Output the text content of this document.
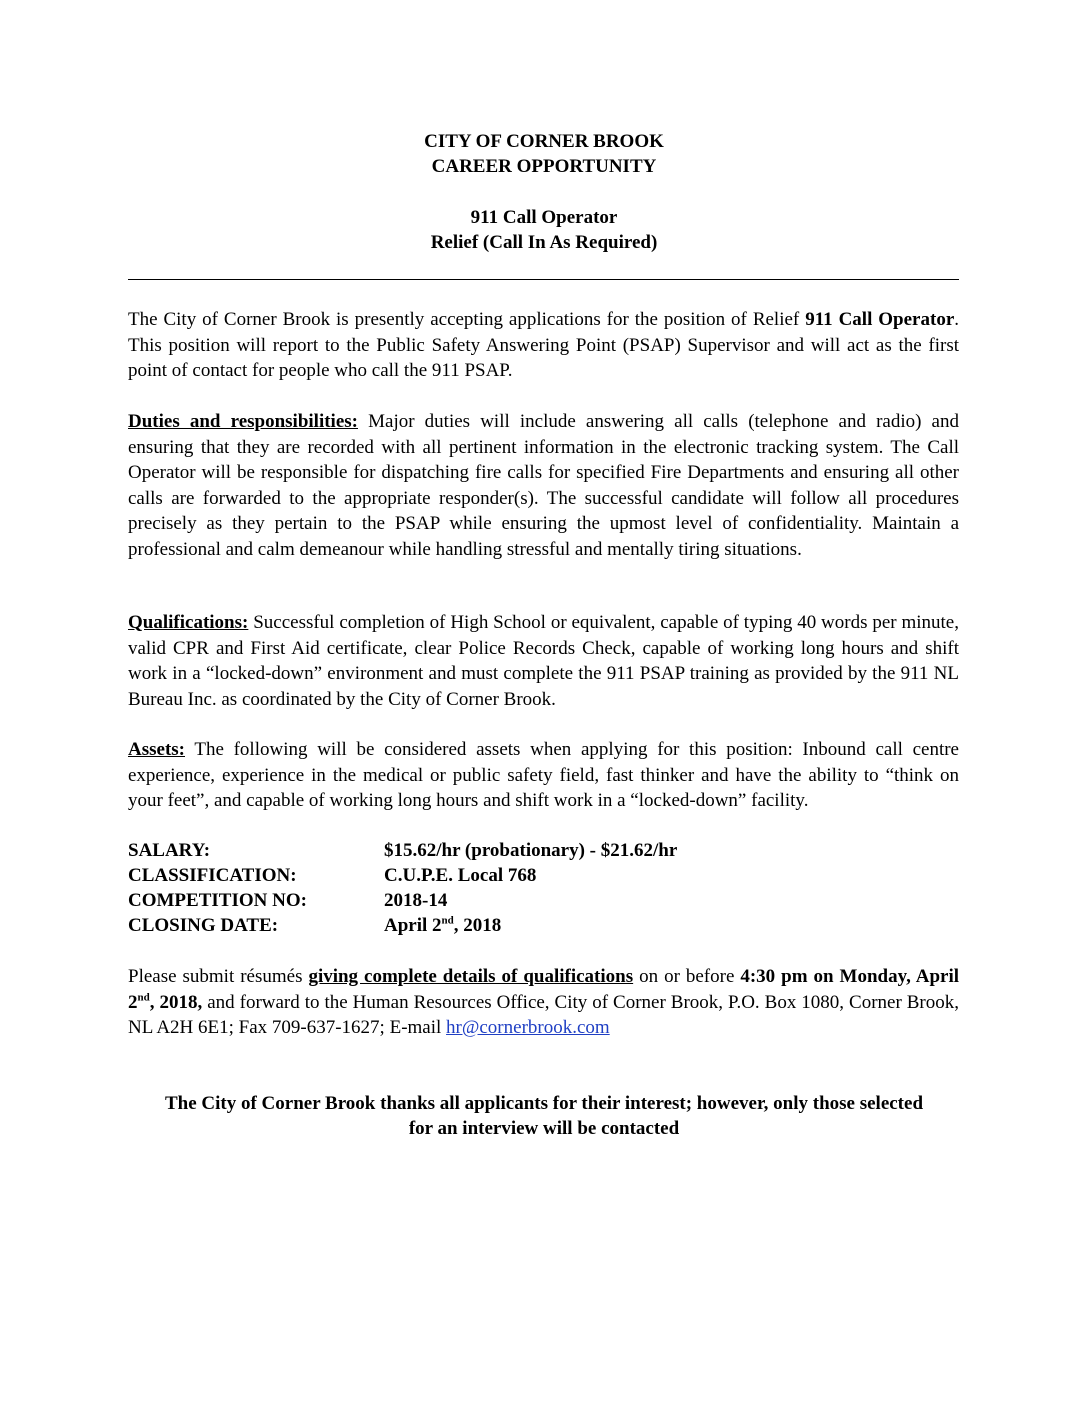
CITY OF CORNER BROOK
CAREER OPPORTUNITY
911 Call Operator
Relief (Call In As Required)
The City of Corner Brook is presently accepting applications for the position of Relief 911 Call Operator. This position will report to the Public Safety Answering Point (PSAP) Supervisor and will act as the first point of contact for people who call the 911 PSAP.
Duties and responsibilities: Major duties will include answering all calls (telephone and radio) and ensuring that they are recorded with all pertinent information in the electronic tracking system. The Call Operator will be responsible for dispatching fire calls for specified Fire Departments and ensuring all other calls are forwarded to the appropriate responder(s). The successful candidate will follow all procedures precisely as they pertain to the PSAP while ensuring the upmost level of confidentiality. Maintain a professional and calm demeanour while handling stressful and mentally tiring situations.
Qualifications: Successful completion of High School or equivalent, capable of typing 40 words per minute, valid CPR and First Aid certificate, clear Police Records Check, capable of working long hours and shift work in a “locked-down” environment and must complete the 911 PSAP training as provided by the 911 NL Bureau Inc. as coordinated by the City of Corner Brook.
Assets: The following will be considered assets when applying for this position: Inbound call centre experience, experience in the medical or public safety field, fast thinker and have the ability to “think on your feet”, and capable of working long hours and shift work in a “locked-down” facility.
SALARY:	$15.62/hr (probationary) - $21.62/hr
CLASSIFICATION:	C.U.P.E. Local 768
COMPETITION NO:	2018-14
CLOSING DATE:	April 2nd, 2018
Please submit résumés giving complete details of qualifications on or before 4:30 pm on Monday, April 2nd, 2018, and forward to the Human Resources Office, City of Corner Brook, P.O. Box 1080, Corner Brook, NL A2H 6E1; Fax 709-637-1627; E-mail hr@cornerbrook.com
The City of Corner Brook thanks all applicants for their interest; however, only those selected
for an interview will be contacted
